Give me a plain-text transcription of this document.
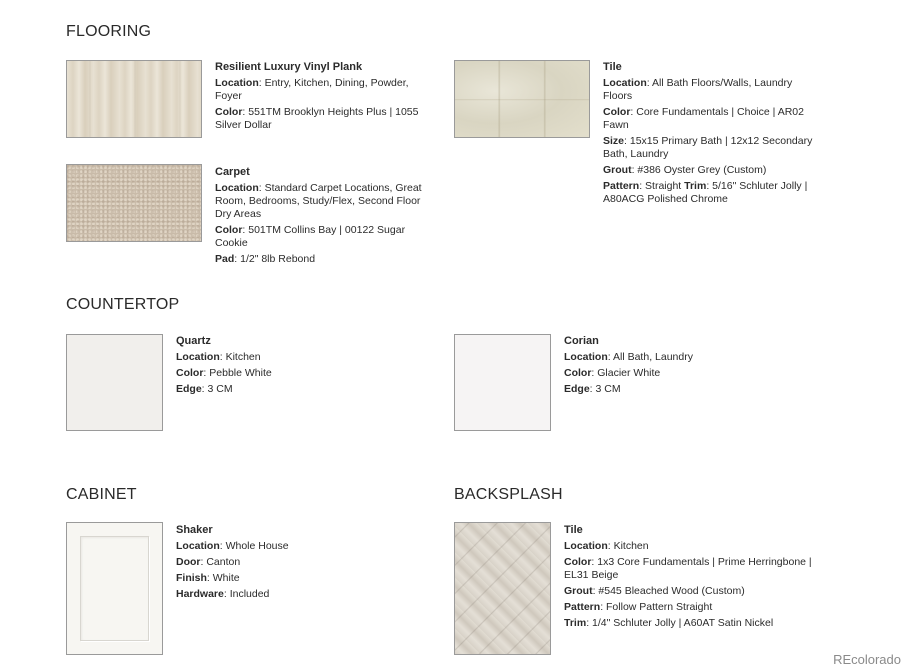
FLOORING
COUNTERTOP
CABINET	BACKSPLASH
Resilient Luxury Vinyl Plank
Location: Entry, Kitchen, Dining, Powder, Foyer
Color: 551TM Brooklyn Heights Plus | 1055 Silver Dollar
Carpet
Location: Standard Carpet Locations, Great Room, Bedrooms, Study/Flex, Second Floor Dry Areas
Color: 501TM Collins Bay | 00122 Sugar Cookie
Pad: 1/2" 8lb Rebond
Tile
Location: All Bath Floors/Walls, Laundry Floors
Color: Core Fundamentals | Choice | AR02 Fawn
Size: 15x15 Primary Bath | 12x12 Secondary Bath, Laundry
Grout: #386 Oyster Grey (Custom)
Pattern: Straight Trim: 5/16" Schluter Jolly | A80ACG Polished Chrome
Quartz
Location: Kitchen
Color: Pebble White
Edge: 3 CM
Corian
Location: All Bath, Laundry
Color: Glacier White
Edge: 3 CM
Shaker
Location: Whole House
Door: Canton
Finish: White
Hardware: Included
Tile
Location: Kitchen
Color: 1x3 Core Fundamentals | Prime Herringbone | EL31 Beige
Grout: #545 Bleached Wood (Custom)
Pattern: Follow Pattern Straight
Trim: 1/4" Schluter Jolly | A60AT Satin Nickel
REcolorado
